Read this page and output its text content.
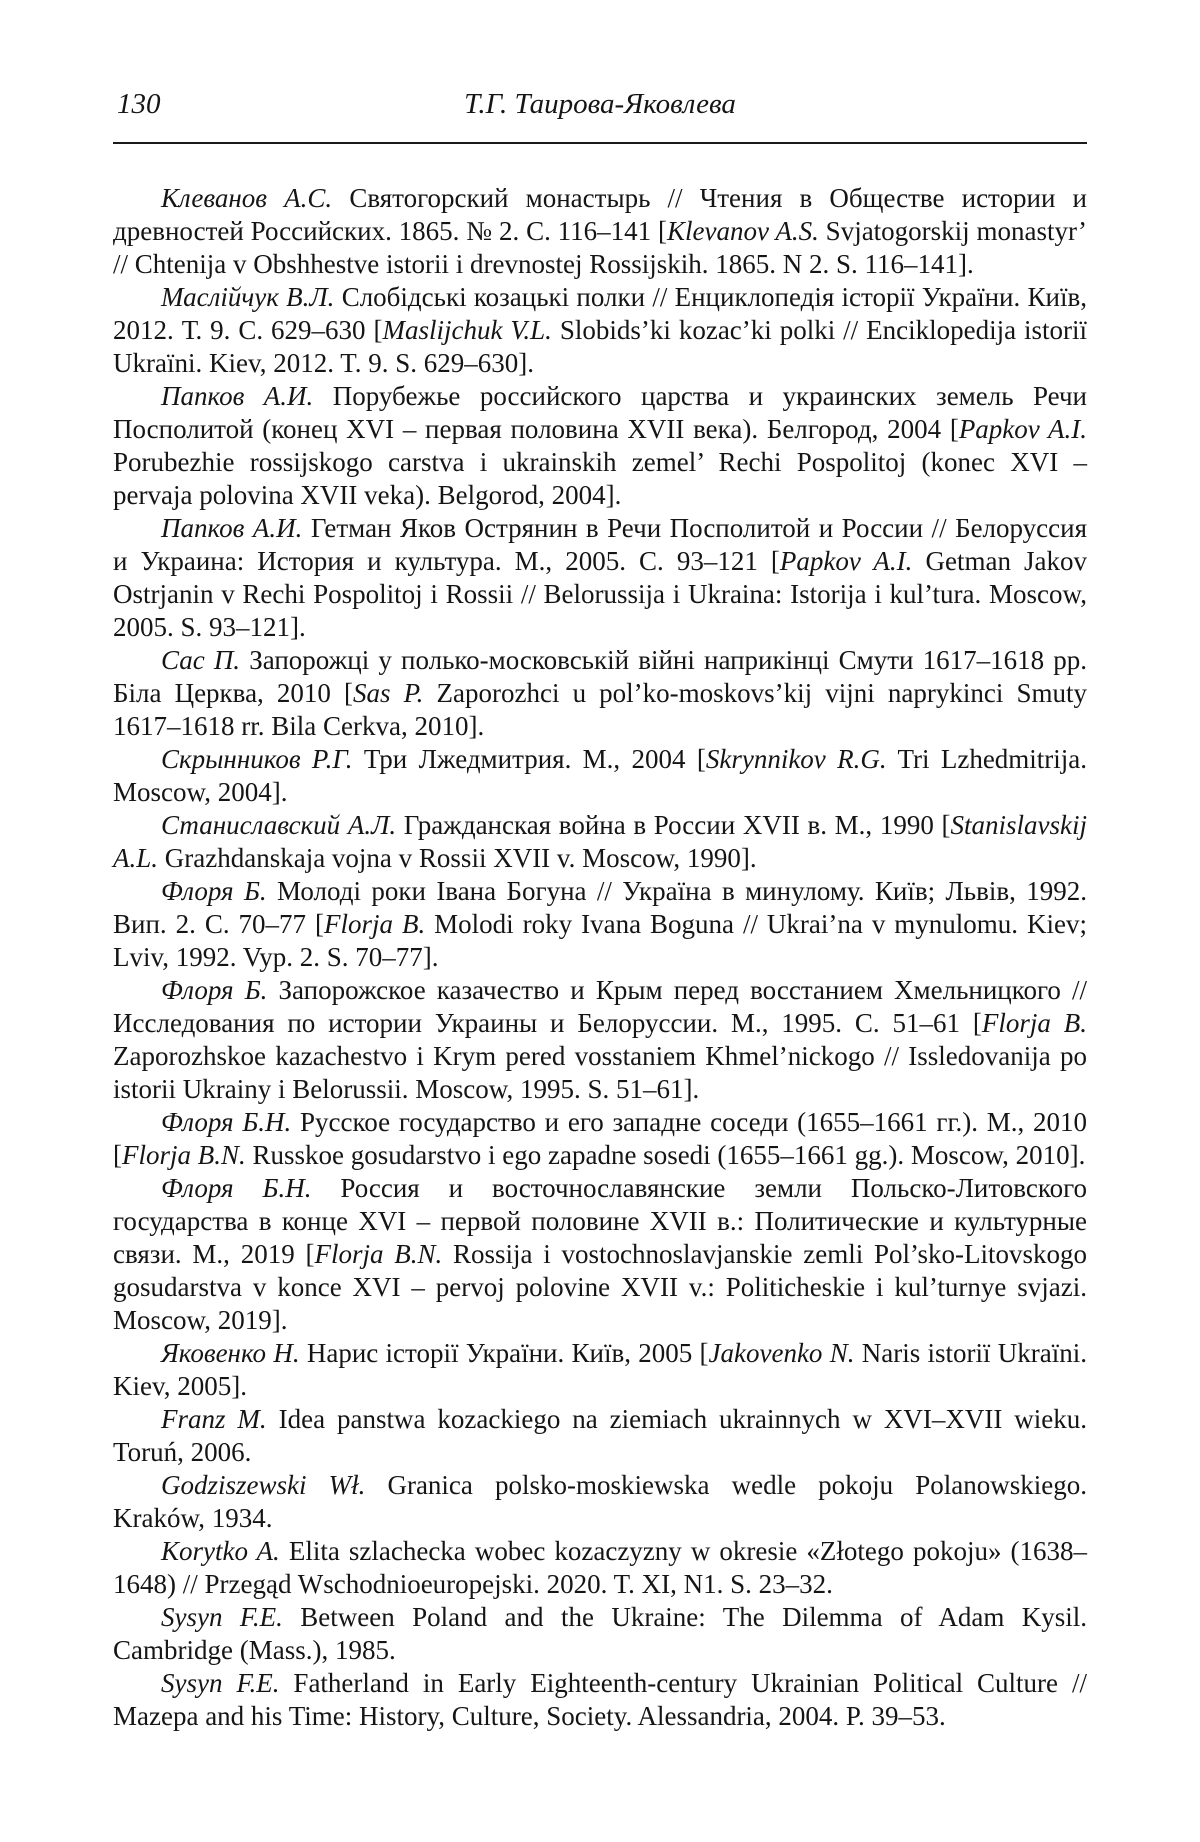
130	Т.Г. Таирова-Яковлева

Клеванов А.С. Святогорский монастырь // Чтения в Обществе истории и древностей Российских. 1865. № 2. С. 116–141 [Klevanov A.S. Svjatogorskij monastyr’ // Chtenija v Obshhestve istorii i drevnostej Rossijskih. 1865. N 2. S. 116–141].

Маслійчук В.Л. Слобідські козацькі полки // Енциклопедія історії України. Київ, 2012. Т. 9. С. 629–630 [Maslijchuk V.L. Slobids’ki kozac’ki polki // Enciklopedija istoriï Ukraïni. Kiev, 2012. T. 9. S. 629–630].

Папков А.И. Порубежье российского царства и украинских земель Речи Посполитой (конец XVI – первая половина XVII века). Белгород, 2004 [Papkov A.I. Porubezhie rossijskogo carstva i ukrainskih zemel’ Rechi Pospolitoj (konec XVI – pervaja polovina XVII veka). Belgorod, 2004].

Папков А.И. Гетман Яков Острянин в Речи Посполитой и России // Белоруссия и Украина: История и культура. М., 2005. С. 93–121 [Papkov A.I. Getman Jakov Ostrjanin v Rechi Pospolitoj i Rossii // Belorussija i Ukraina: Istorija i kul’tura. Moscow, 2005. S. 93–121].

Сас П. Запорожці у полько-московській війні наприкінці Смути 1617–1618 рр. Біла Церква, 2010 [Sas P. Zaporozhci u pol’ko-moskovs’kij vijni naprykinci Smuty 1617–1618 rr. Bila Cerkva, 2010].

Скрынников Р.Г. Три Лжедмитрия. М., 2004 [Skrynnikov R.G. Tri Lzhedmitrija. Moscow, 2004].

Станиславский А.Л. Гражданская война в России XVII в. М., 1990 [Stanislavskij A.L. Grazhdanskaja vojna v Rossii XVII v. Moscow, 1990].

Флоря Б. Молоді роки Івана Богуна // Україна в минулому. Київ; Львів, 1992. Вип. 2. С. 70–77 [Florja B. Molodi roky Ivana Boguna // Ukrai’na v mynulomu. Kiev; Lviv, 1992. Vyp. 2. S. 70–77].

Флоря Б. Запорожское казачество и Крым перед восстанием Хмельницкого // Исследования по истории Украины и Белоруссии. М., 1995. С. 51–61 [Florja B. Zaporozhskoe kazachestvo i Krym pered vosstaniem Khmel’nickogo // Issledovanija po istorii Ukrainy i Belorussii. Moscow, 1995. S. 51–61].

Флоря Б.Н. Русское государство и его западне соседи (1655–1661 гг.). М., 2010 [Florja B.N. Russkoe gosudarstvo i ego zapadne sosedi (1655–1661 gg.). Moscow, 2010].

Флоря Б.Н. Россия и восточнославянские земли Польско-Литовского государства в конце XVI – первой половине XVII в.: Политические и культурные связи. М., 2019 [Florja B.N. Rossija i vostochnoslavjanskie zemli Pol’sko-Litovskogo gosudarstva v konce XVI – pervoj polovine XVII v.: Politicheskie i kul’turnye svjazi. Moscow, 2019].

Яковенко Н. Нарис історії України. Київ, 2005 [Jakovenko N. Naris istoriï Ukraïni. Kiev, 2005].

Franz M. Idea panstwa kozackiego na ziemiach ukrainnych w XVI–XVII wieku. Toruń, 2006.

Godziszewski Wł. Granica polsko-moskiewska wedle pokoju Polanowskiego. Kraków, 1934.

Korytko A. Elita szlachecka wobec kozaczyzny w okresie «Złotego pokoju» (1638–1648) // Przegąd Wschodnioeuropejski. 2020. T. XI, N1. S. 23–32.

Sysyn F.E. Between Poland and the Ukraine: The Dilemma of Adam Kysil. Cambridge (Mass.), 1985.

Sysyn F.E. Fatherland in Early Eighteenth-century Ukrainian Political Culture // Mazepa and his Time: History, Culture, Society. Alessandria, 2004. P. 39–53.
